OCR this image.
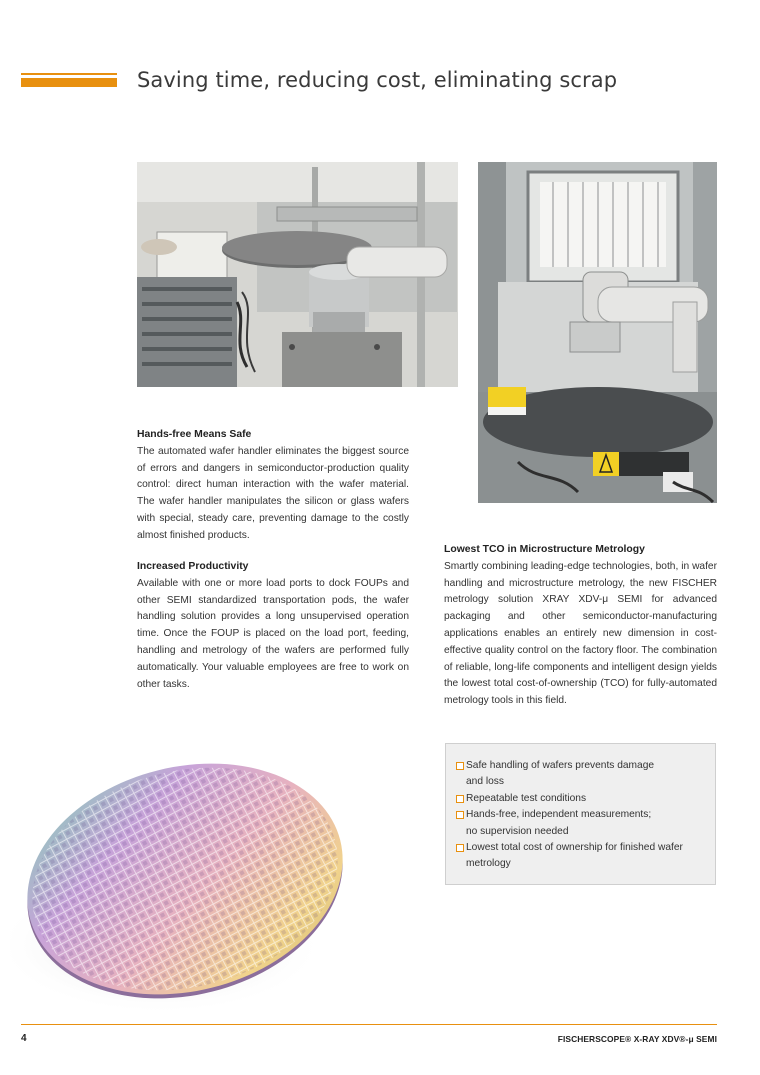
Saving time, reducing cost, eliminating scrap
Hands-free Means Safe

The automated wafer handler eliminates the biggest source of errors and dangers in semiconductor-production quality control: direct human interaction with the wafer material. The wafer handler manipulates the silicon or glass wafers with special, steady care, preventing damage to the costly almost finished products.

Increased Productivity

Available with one or more load ports to dock FOUPs and other SEMI standardized transportation pods, the wafer handling solution provides a long unsupervised operation time. Once the FOUP is placed on the load port, feeding, handling and metrology of the wafers are performed fully automatically. Your valuable employees are free to work on other tasks.

Lowest TCO in Microstructure Metrology

Smartly combining leading-edge technologies, both, in wafer handling and microstructure metrology, the new FISCHER metrology solution XRAY XDV-μ SEMI for advanced packaging and other semiconductor-manufacturing applications enables an entirely new dimension in cost-effective quality control on the factory floor. The combination of reliable, long-life components and intelligent design yields the lowest total cost-of-ownership (TCO) for fully-automated metrology tools in this field.

Safe handling of wafers prevents damage
and loss
Repeatable test conditions
Hands-free, independent measurements;
no supervision needed
Lowest total cost of ownership for finished wafer
metrology
4	FISCHERSCOPE® X-RAY XDV®-μ SEMI
